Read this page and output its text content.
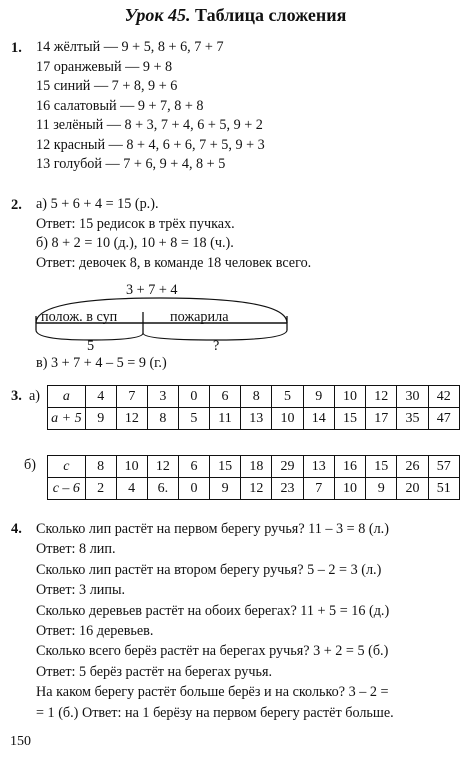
Урок 45. Таблица сложения
1. 14 жёлтый — 9 + 5, 8 + 6, 7 + 7
17 оранжевый — 9 + 8
15 синий — 7 + 8, 9 + 6
16 салатовый — 9 + 7, 8 + 8
11 зелёный — 8 + 3, 7 + 4, 6 + 5, 9 + 2
12 красный — 8 + 4, 6 + 6, 7 + 5, 9 + 3
13 голубой — 7 + 6, 9 + 4, 8 + 5
2. а) 5 + 6 + 4 = 15 (р.).
Ответ: 15 редисок в трёх пучках.
б) 8 + 2 = 10 (д.), 10 + 8 = 18 (ч.).
Ответ: девочек 8, в команде 18 человек всего.
3 + 7 + 4
полож. в суп	пожарила
5	?
в) 3 + 7 + 4 – 5 = 9 (г.)
3. а) a	4	7	3	0	6	8	5	9	10	12	30	42
a + 5	9	12	8	5	11	13	10	14	15	17	35	47
б) c	8	10	12	6	15	18	29	13	16	15	26	57
c – 6	2	4	6.	0	9	12	23	7	10	9	20	51
4. Сколько лип растёт на первом берегу ручья? 11 – 3 = 8 (л.)
Ответ: 8 лип.
Сколько лип растёт на втором берегу ручья? 5 – 2 = 3 (л.)
Ответ: 3 липы.
Сколько деревьев растёт на обоих берегах? 11 + 5 = 16 (д.)
Ответ: 16 деревьев.
Сколько всего берёз растёт на берегах ручья? 3 + 2 = 5 (б.)
Ответ: 5 берёз растёт на берегах ручья.
На каком берегу растёт больше берёз и на сколько? 3 – 2 =
= 1 (б.) Ответ: на 1 берёзу на первом берегу растёт больше.
150
